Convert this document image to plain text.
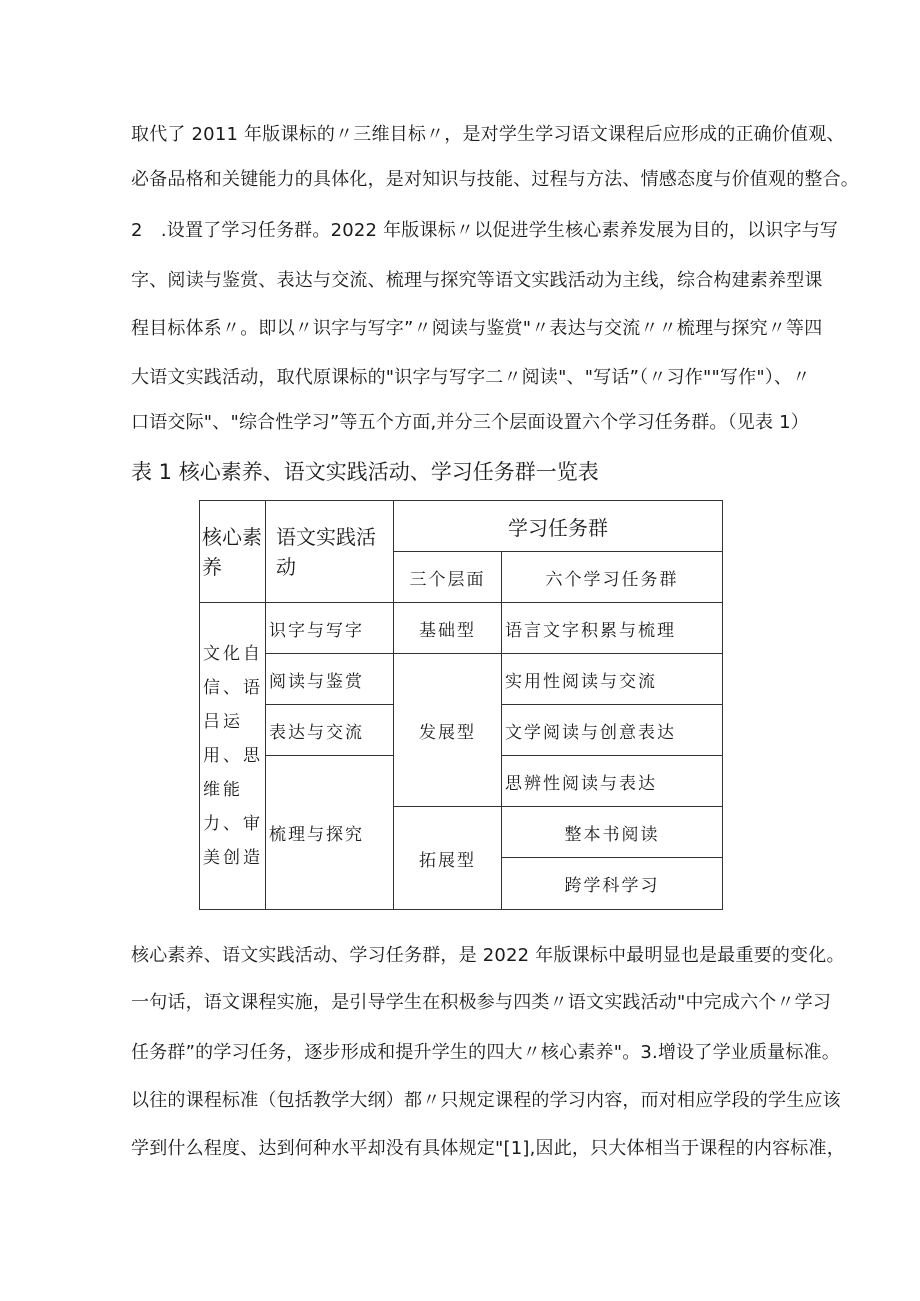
取代了 2011 年版课标的〃三维目标〃，是对学生学习语文课程后应形成的正确价值观、
必备品格和关键能力的具体化，是对知识与技能、过程与方法、情感态度与价值观的整合。
2　.设置了学习任务群。2022 年版课标〃以促进学生核心素养发展为目的，以识字与写
字、阅读与鉴赏、表达与交流、梳理与探究等语文实践活动为主线，综合构建素养型课
程目标体系〃。即以〃识字与写字”〃阅读与鉴赏"〃表达与交流〃〃梳理与探究〃等四
大语文实践活动，取代原课标的"识字与写字二〃阅读"、"写话”（〃习作""写作"）、〃
口语交际"、"综合性学习”等五个方面,并分三个层面设置六个学习任务群。（见表 1）
表 1 核心素养、语文实践活动、学习任务群一览表
核心素养	语文实践活动	学习任务群	
		三个层面	六个学习任务群
文化自信、语吕运用、思维能力、审美创造	识字与写字	基础型	语言文字积累与梳理
	阅读与鉴赏	发展型	实用性阅读与交流
	表达与交流		文学阅读与创意表达
	梳理与探究		思辨性阅读与表达
		拓展型	整本书阅读
			跨学科学习
核心素养、语文实践活动、学习任务群，是 2022 年版课标中最明显也是最重要的变化。
一句话，语文课程实施，是引导学生在积极参与四类〃语文实践活动"中完成六个〃学习
任务群”的学习任务，逐步形成和提升学生的四大〃核心素养"。3.增设了学业质量标准。
以往的课程标准（包括教学大纲）都〃只规定课程的学习内容，而对相应学段的学生应该
学到什么程度、达到何种水平却没有具体规定"[1],因此，只大体相当于课程的内容标准，
